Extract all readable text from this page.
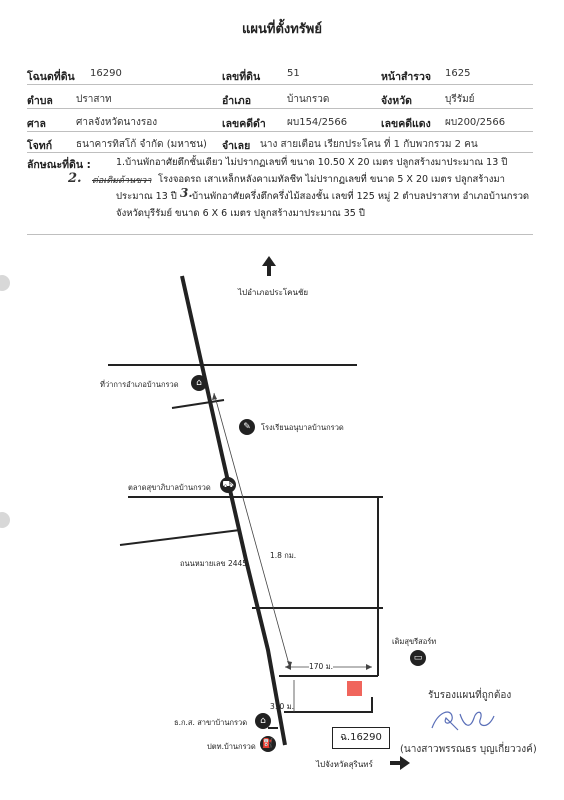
แผนที่ตั้งทรัพย์
โฉนดที่ดิน 16290	เลขที่ดิน	51	หน้าสำรวจ 1625
ตำบล ปราสาท	อำเภอ	บ้านกรวด	จังหวัด	บุรีรัมย์
ศาล	ศาลจังหวัดนางรอง	เลขคดีดำ ผบ154/2566	เลขคดีแดง ผบ200/2566
โจทก์ ธนาคารทิสโก้ จำกัด (มหาชน) จำเลย นาง สายเตือน เรียกประโคน ที่ 1 กับพวกรวม 2 คน
ลักษณะที่ดิน :	1.บ้านพักอาศัยตึกชั้นเดียว ไม่ปรากฏเลขที่ ขนาด 10.50 X 20 เมตร ปลูกสร้างมาประมาณ 13 ปี
2. ต่อเติมด้านขวา โรงจอดรถ เสาเหล็กหลังคาเมทัลชีท ไม่ปรากฏเลขที่ ขนาด 5 X 20 เมตร ปลูกสร้างมา
ประมาณ 13 ปี 3. บ้านพักอาศัยครึ่งตึกครึ่งไม้สองชั้น เลขที่ 125 หมู่ 2 ตำบลปราสาท อำเภอบ้านกรวด
จังหวัดบุรีรัมย์ ขนาด 6 X 6 เมตร ปลูกสร้างมาประมาณ 35 ปี
ไปอำเภอประโคนชัย
ที่ว่าการอำเภอบ้านกรวด	⌂
✎	โรงเรียนอนุบาลบ้านกรวด
ตลาดสุขาภิบาลบ้านกรวด ⛟
1.8 กม.
ถนนหมายเลข 2445
เดิมสุขรีสอร์ท
▭
170 ม.
310 ม.
ธ.ก.ส. สาขาบ้านกรวด	⌂
ปตท.บ้านกรวด ⛽
ฉ.16290
ไปจังหวัดสุรินทร์
รับรองแผนที่ถูกต้อง
(นางสาวพรรณธร บุญเกี่ยววงค์)
